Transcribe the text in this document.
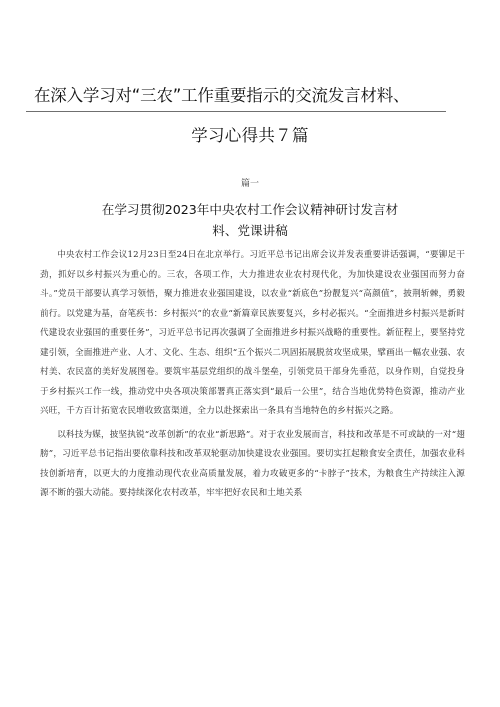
在深入学习对“三农”工作重要指示的交流发言材料、
学习心得共７篇
篇一
在学习贯彻2023年中央农村工作会议精神研讨发言材
料、党课讲稿

中央农村工作会议12月23日至24日在北京举行。习近平总书记出席会议并发表重要讲话强调，“要铆足干劲，抓好以乡村振兴为重心的。三农，各项工作，大力推进农业农村现代化，为加快建设农业强国而努力奋斗。”党员干部要认真学习领悟，聚力推进农业强国建设，以农业“新底色”扮靓复兴“高颜值”，披荆斩棘，勇毅前行。以党建为基，奋笔疾书：乡村振兴”的农业“新篇章民族要复兴，乡村必振兴。“全面推进乡村振兴是新时代建设农业强国的重要任务”，习近平总书记再次强调了全面推进乡村振兴战略的重要性。新征程上，要坚持党建引领，全面推进产业、人才、文化、生态、组织“五个振兴二巩固拓展脱贫攻坚成果，擘画出一幅农业强、农村美、农民富的美好发展图卷。要筑牢基层党组织的战斗堡垒，引领党员干部身先垂范，以身作则，自觉投身于乡村振兴工作一线，推动党中央各项决策部署真正落实到“最后一公里”，结合当地优势特色资源，推动产业兴旺，千方百计拓宽农民增收致富渠道，全力以赴探索出一条具有当地特色的乡村振兴之路。

以科技为媒，披坚执锐“改革创新”的农业“新思路”。对于农业发展而言，科技和改革是不可或缺的一对“翅膀”，习近平总书记指出要依靠科技和改革双轮驱动加快建设农业强国。要切实扛起粮食安全责任，加强农业科技创新培育，以更大的力度推动现代农业高质量发展，着力攻破更多的“卡脖子”技术，为粮食生产持续注入源源不断的强大动能。要持续深化农村改革，牢牢把好农民和土地关系
